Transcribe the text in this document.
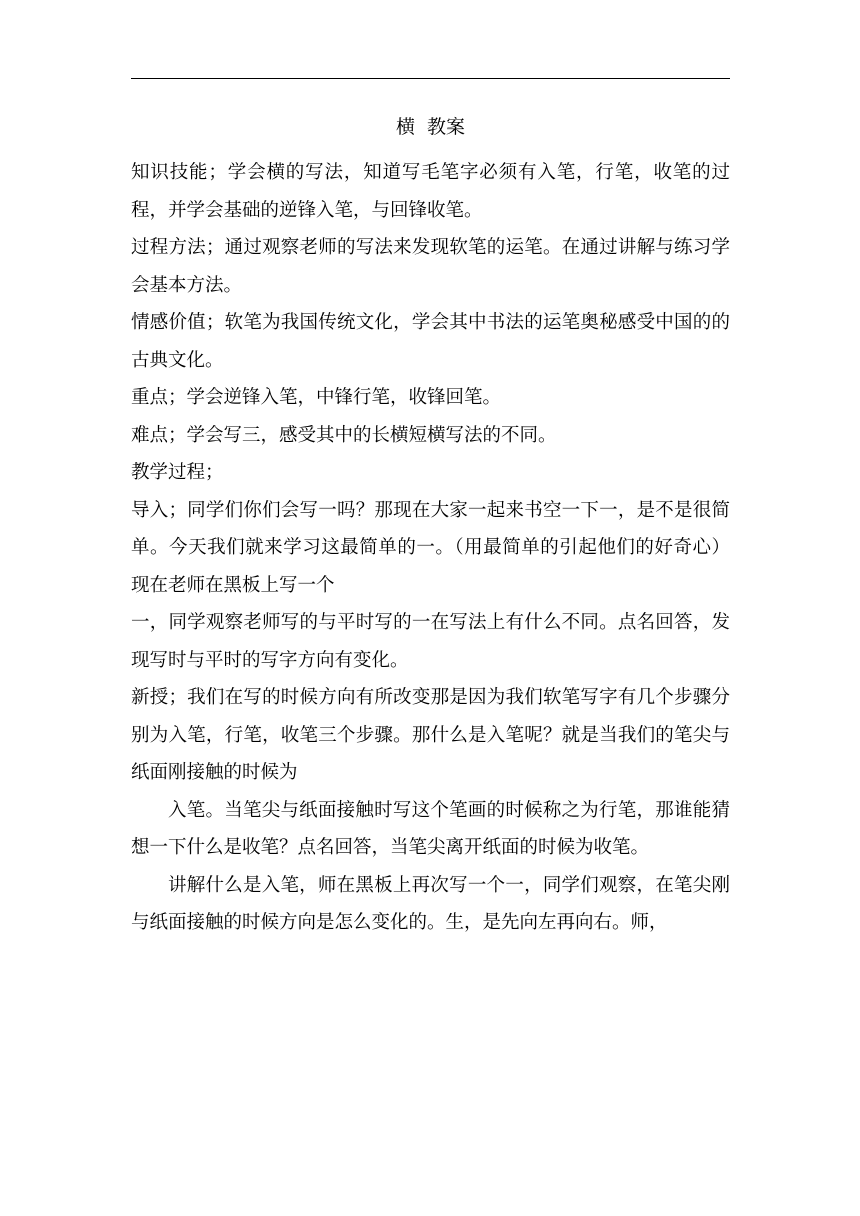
横  教案

知识技能；学会横的写法，知道写毛笔字必须有入笔，行笔，收笔的过程，并学会基础的逆锋入笔，与回锋收笔。

过程方法；通过观察老师的写法来发现软笔的运笔。在通过讲解与练习学会基本方法。

情感价值；软笔为我国传统文化，学会其中书法的运笔奥秘感受中国的的古典文化。

重点；学会逆锋入笔，中锋行笔，收锋回笔。

难点；学会写三，感受其中的长横短横写法的不同。

教学过程；

导入；同学们你们会写一吗？那现在大家一起来书空一下一，是不是很简单。今天我们就来学习这最简单的一。（用最简单的引起他们的好奇心）现在老师在黑板上写一个

一，同学观察老师写的与平时写的一在写法上有什么不同。点名回答，发现写时与平时的写字方向有变化。

新授；我们在写的时候方向有所改变那是因为我们软笔写字有几个步骤分别为入笔，行笔，收笔三个步骤。那什么是入笔呢？就是当我们的笔尖与纸面刚接触的时候为

入笔。当笔尖与纸面接触时写这个笔画的时候称之为行笔，那谁能猜想一下什么是收笔？点名回答，当笔尖离开纸面的时候为收笔。

讲解什么是入笔，师在黑板上再次写一个一，同学们观察，在笔尖刚与纸面接触的时候方向是怎么变化的。生，是先向左再向右。师，
